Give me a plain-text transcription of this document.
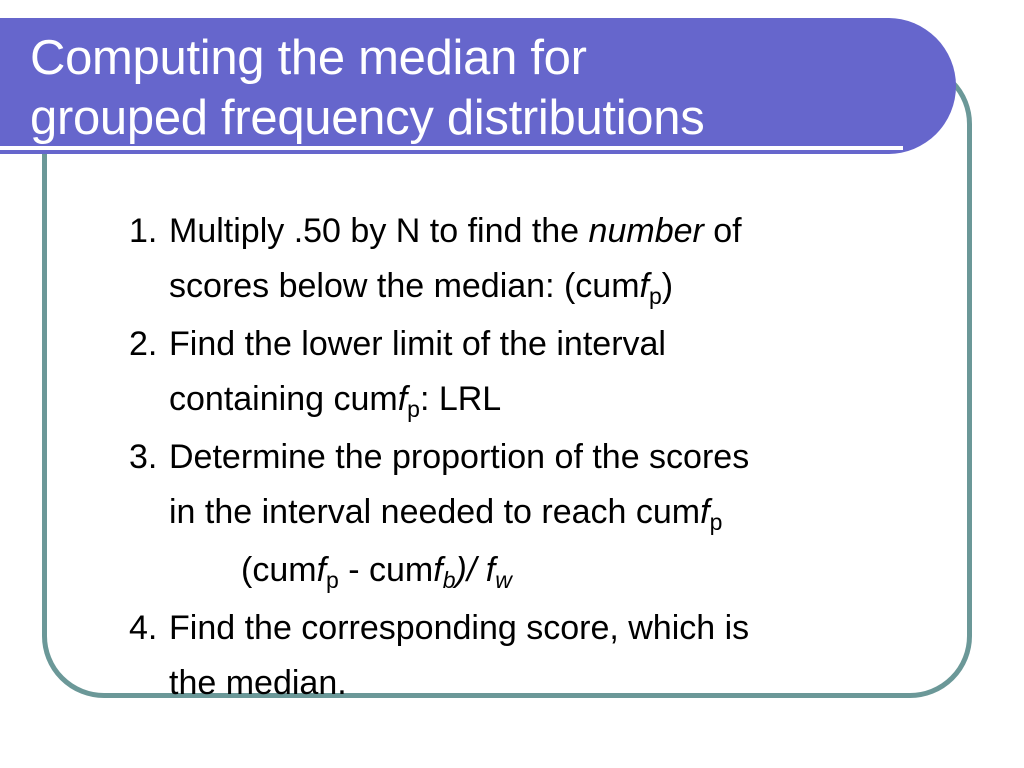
Computing the median for
grouped frequency distributions
1. Multiply .50 by N to find the number of
scores below the median: (cumf$_p$)
2. Find the lower limit of the interval
containing cumf$_p$: LRL
3. Determine the proportion of the scores
in the interval needed to reach cumf$_p$
(cumf$_p$ - cumf$_b$)/ $f_w$
4. Find the corresponding score, which is
the median.
